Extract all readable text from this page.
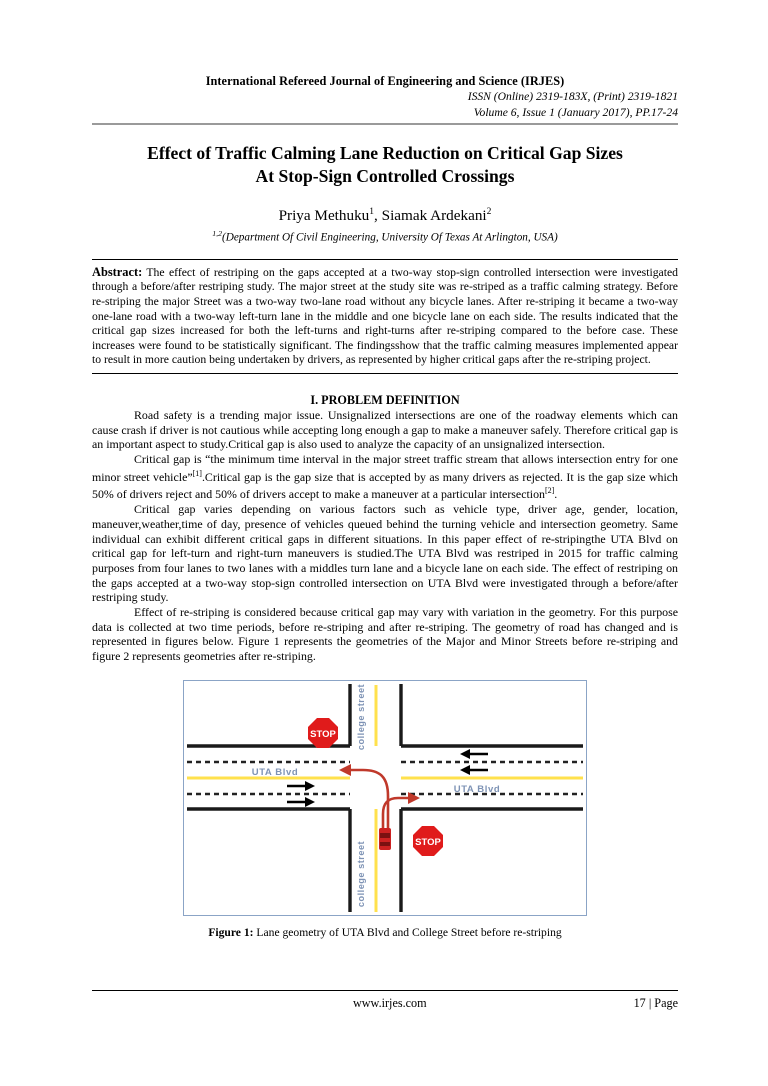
International Refereed Journal of Engineering and Science (IRJES)
ISSN (Online) 2319-183X, (Print) 2319-1821
Volume 6, Issue 1 (January 2017), PP.17-24
Effect of Traffic Calming Lane Reduction on Critical Gap Sizes
At Stop-Sign Controlled Crossings
Priya Methuku$^1$, Siamak Ardekani$^2$
$^{1,2}$(Department Of Civil Engineering, University Of Texas At Arlington, USA)
Abstract: The effect of restriping on the gaps accepted at a two-way stop-sign controlled intersection were investigated through a before/after restriping study. The major street at the study site was re-striped as a traffic calming strategy. Before re-striping the major Street was a two-way two-lane road without any bicycle lanes. After re-striping it became a two-way one-lane road with a two-way left-turn lane in the middle and one bicycle lane on each side. The results indicated that the critical gap sizes increased for both the left-turns and right-turns after re-striping compared to the before case. These increases were found to be statistically significant. The findingsshow that the traffic calming measures implemented appear to result in more caution being undertaken by drivers, as represented by higher critical gaps after the re-striping project.
I. PROBLEM DEFINITION

Road safety is a trending major issue. Unsignalized intersections are one of the roadway elements which can cause crash if driver is not cautious while accepting long enough a gap to make a maneuver safely. Therefore critical gap is an important aspect to study.Critical gap is also used to analyze the capacity of an unsignalized intersection.

Critical gap is “the minimum time interval in the major street traffic stream that allows intersection entry for one minor street vehicle”[1].Critical gap is the gap size that is accepted by as many drivers as rejected. It is the gap size which 50% of drivers reject and 50% of drivers accept to make a maneuver at a particular intersection[2].

Critical gap varies depending on various factors such as vehicle type, driver age, gender, location, maneuver,weather,time of day, presence of vehicles queued behind the turning vehicle and intersection geometry. Same individual can exhibit different critical gaps in different situations. In this paper effect of re-stripingthe UTA Blvd on critical gap for left-turn and right-turn maneuvers is studied.The UTA Blvd was restriped in 2015 for traffic calming purposes from four lanes to two lanes with a middles turn lane and a bicycle lane on each side. The effect of restriping on the gaps accepted at a two-way stop-sign controlled intersection on UTA Blvd were investigated through a before/after restriping study.

Effect of re-striping is considered because critical gap may vary with variation in the geometry. For this purpose data is collected at two time periods, before re-striping and after re-striping. The geometry of road has changed and is represented in figures below. Figure 1 represents the geometries of the Major and Minor Streets before re-striping and figure 2 represents geometries after re-striping.

STOP
STOP
UTA Blvd
UTA Blvd
college street
college street
Figure 1: Lane geometry of UTA Blvd and College Street before re-striping
www.irjes.com	17 | Page
